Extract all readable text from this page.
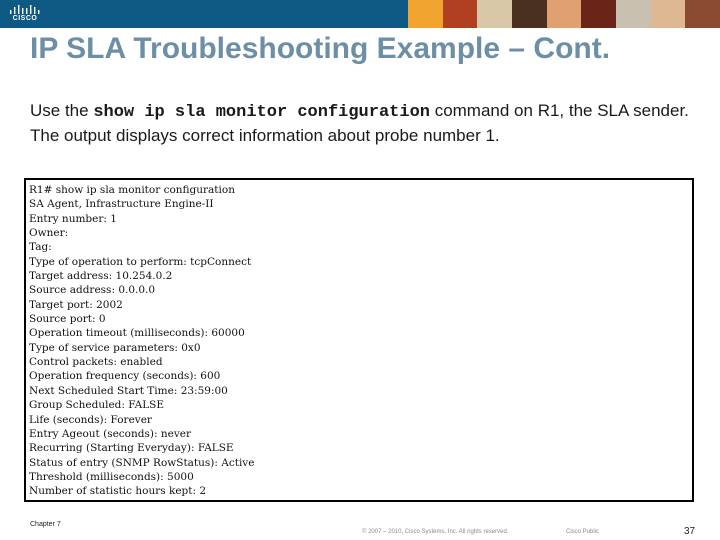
CISCO
IP SLA Troubleshooting Example – Cont.
Use the show ip sla monitor configuration command on R1, the SLA sender. The output displays correct information about probe number 1.
R1# show ip sla monitor configuration
SA Agent, Infrastructure Engine-II
Entry number: 1
Owner:
Tag:
Type of operation to perform: tcpConnect
Target address: 10.254.0.2
Source address: 0.0.0.0
Target port: 2002
Source port: 0
Operation timeout (milliseconds): 60000
Type of service parameters: 0x0
Control packets: enabled
Operation frequency (seconds): 600
Next Scheduled Start Time: 23:59:00
Group Scheduled: FALSE
Life (seconds): Forever
Entry Ageout (seconds): never
Recurring (Starting Everyday): FALSE
Status of entry (SNMP RowStatus): Active
Threshold (milliseconds): 5000
Number of statistic hours kept: 2
Chapter 7
© 2007 – 2010, Cisco Systems, Inc. All rights reserved.	Cisco Public	37
